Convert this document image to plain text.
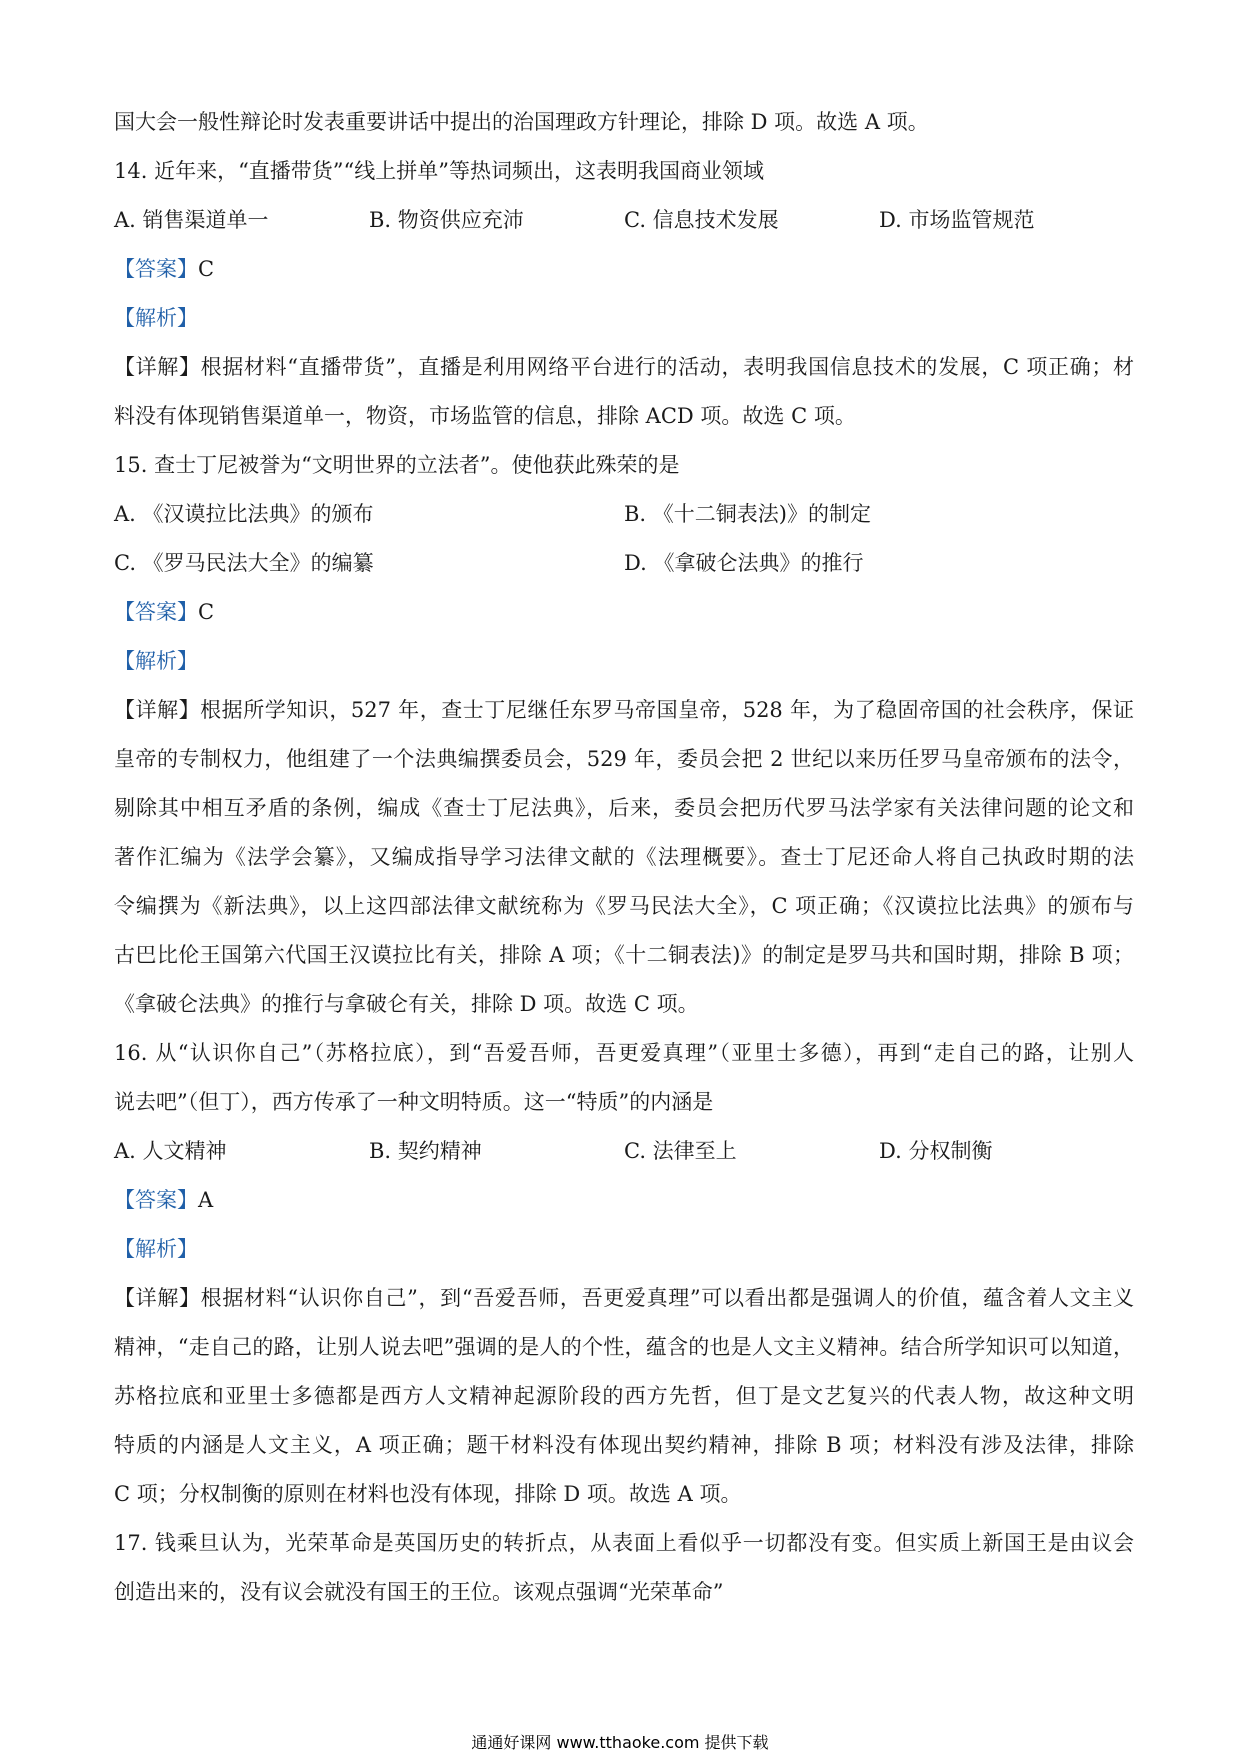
国大会一般性辩论时发表重要讲话中提出的治国理政方针理论，排除 D 项。故选 A 项。
14. 近年来，“直播带货”“线上拼单”等热词频出，这表明我国商业领域
A. 销售渠道单一	B. 物资供应充沛	C. 信息技术发展	D. 市场监管规范
【答案】C
【解析】
【详解】根据材料“直播带货”，直播是利用网络平台进行的活动，表明我国信息技术的发展，C 项正确；材
料没有体现销售渠道单一，物资，市场监管的信息，排除 ACD 项。故选 C 项。
15. 查士丁尼被誉为“文明世界的立法者”。使他获此殊荣的是
A. 《汉谟拉比法典》的颁布	B. 《十二铜表法)》的制定
C. 《罗马民法大全》的编纂	D. 《拿破仑法典》的推行
【答案】C
【解析】
【详解】根据所学知识，527 年，查士丁尼继任东罗马帝国皇帝，528 年，为了稳固帝国的社会秩序，保证
皇帝的专制权力，他组建了一个法典编撰委员会，529 年，委员会把 2 世纪以来历任罗马皇帝颁布的法令，
剔除其中相互矛盾的条例，编成《查士丁尼法典》，后来，委员会把历代罗马法学家有关法律问题的论文和
著作汇编为《法学会纂》，又编成指导学习法律文献的《法理概要》。查士丁尼还命人将自己执政时期的法
令编撰为《新法典》，以上这四部法律文献统称为《罗马民法大全》，C 项正确；《汉谟拉比法典》的颁布与
古巴比伦王国第六代国王汉谟拉比有关，排除 A 项；《十二铜表法)》的制定是罗马共和国时期，排除 B 项；
《拿破仑法典》的推行与拿破仑有关，排除 D 项。故选 C 项。
16. 从“认识你自己”（苏格拉底），到“吾爱吾师，吾更爱真理”（亚里士多德），再到“走自己的路，让别人
说去吧”（但丁），西方传承了一种文明特质。这一“特质”的内涵是
A. 人文精神	B. 契约精神	C. 法律至上	D. 分权制衡
【答案】A
【解析】
【详解】根据材料“认识你自己”，到“吾爱吾师，吾更爱真理”可以看出都是强调人的价值，蕴含着人文主义
精神，“走自己的路，让别人说去吧”强调的是人的个性，蕴含的也是人文主义精神。结合所学知识可以知道，
苏格拉底和亚里士多德都是西方人文精神起源阶段的西方先哲，但丁是文艺复兴的代表人物，故这种文明
特质的内涵是人文主义，A 项正确；题干材料没有体现出契约精神，排除 B 项；材料没有涉及法律，排除
C 项；分权制衡的原则在材料也没有体现，排除 D 项。故选 A 项。
17. 钱乘旦认为，光荣革命是英国历史的转折点，从表面上看似乎一切都没有变。但实质上新国王是由议会
创造出来的，没有议会就没有国王的王位。该观点强调“光荣革命”
通通好课网 www.tthaoke.com 提供下载
